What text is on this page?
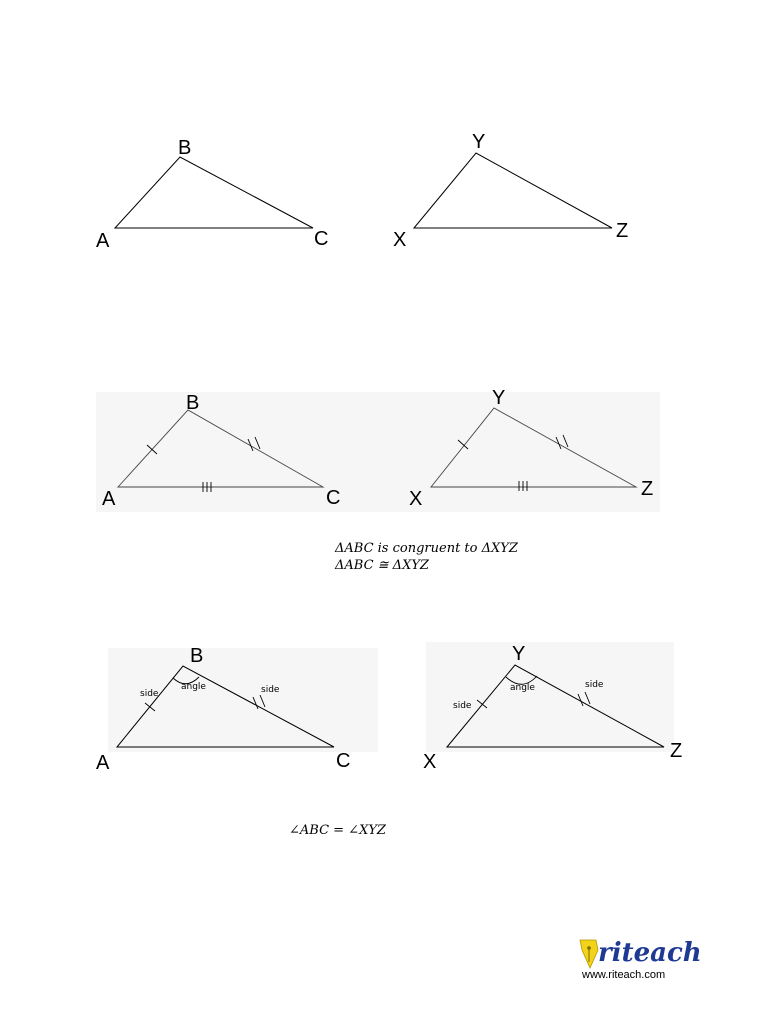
A
B
C	X
Y
Z
A
B
C	X
Y
Z
ΔABC is congruent to ΔXYZ
ΔABC ≅ ΔXYZ
side
angle	side
A
B
C
side
angle	side
X
Y
Z
∠ABC = ∠XYZ
riteach
www.riteach.com
